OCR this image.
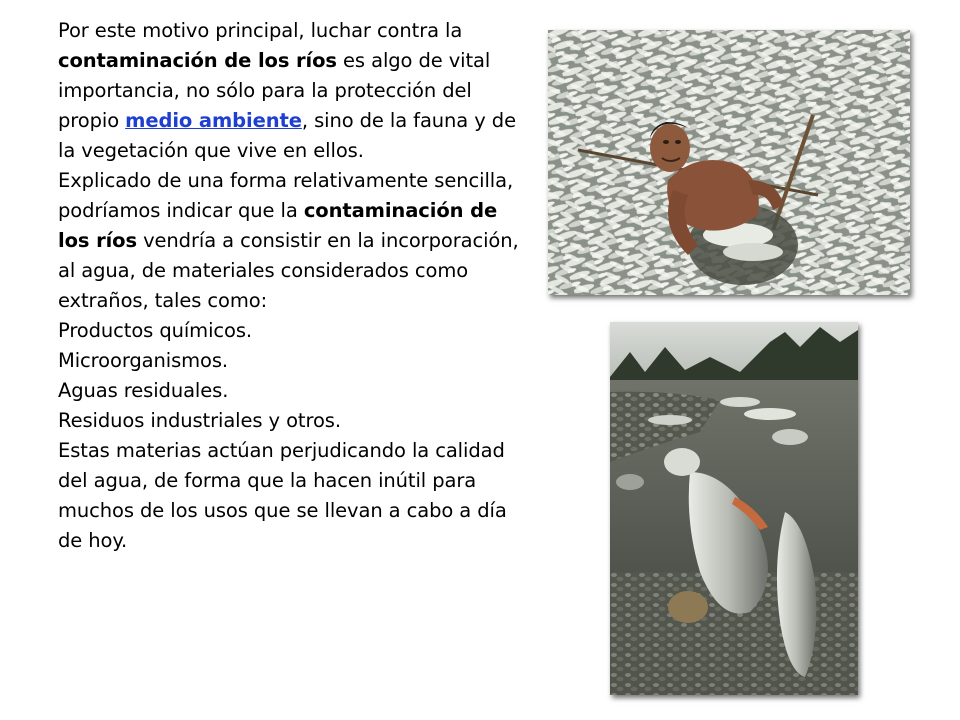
Por este motivo principal, luchar contra la contaminación de los ríos es algo de vital importancia, no sólo para la protección del propio medio ambiente, sino de la fauna y de la vegetación que vive en ellos.

Explicado de una forma relativamente sencilla, podríamos indicar que la contaminación de los ríos vendría a consistir en la incorporación, al agua, de materiales considerados como extraños, tales como:

Productos químicos.

Microorganismos.

Aguas residuales.

Residuos industriales y otros.

Estas materias actúan perjudicando la calidad del agua, de forma que la hacen inútil para muchos de los usos que se llevan a cabo a día de hoy.
